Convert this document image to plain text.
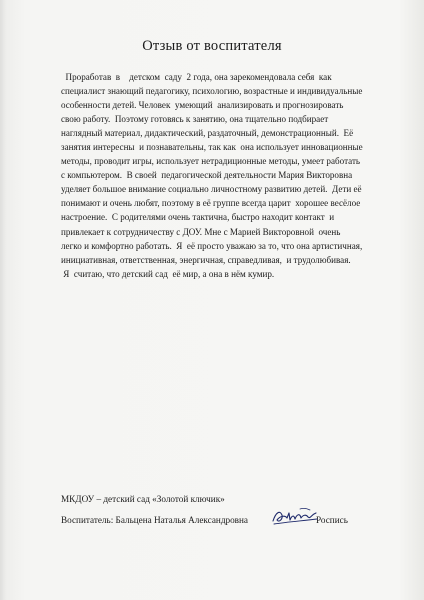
Отзыв от воспитателя
Проработав  в    детском  саду  2 года, она зарекомендовала себя  как
специалист знающий педагогику, психологию, возрастные и индивидуальные
особенности детей. Человек  умеющий  анализировать и прогнозировать
свою работу.  Поэтому готовясь к занятию, она тщательно подбирает
наглядный материал, дидактический, раздаточный, демонстрационный.  Её
занятия интересны  и познавательны, так как  она использует инновационные
методы, проводит игры, использует нетрадиционные методы, умеет работать
с компьютером.  В своей  педагогической деятельности Мария Викторовна
уделяет большое внимание социально личностному развитию детей.  Дети её
понимают и очень любят, поэтому в её группе всегда царит  хорошее весёлое
настроение.  С родителями очень тактична, быстро находит контакт  и
привлекает к сотрудничеству с ДОУ. Мне с Марией Викторовной  очень
легко и комфортно работать.  Я  её просто уважаю за то, что она артистичная,
инициативная, ответственная, энергичная, справедливая,  и трудолюбивая.
Я  считаю, что детский сад  её мир, а она в нём кумир.
МКДОУ – детский сад «Золотой ключик»
Воспитатель: Бальцена Наталья Александровна	Роспись
